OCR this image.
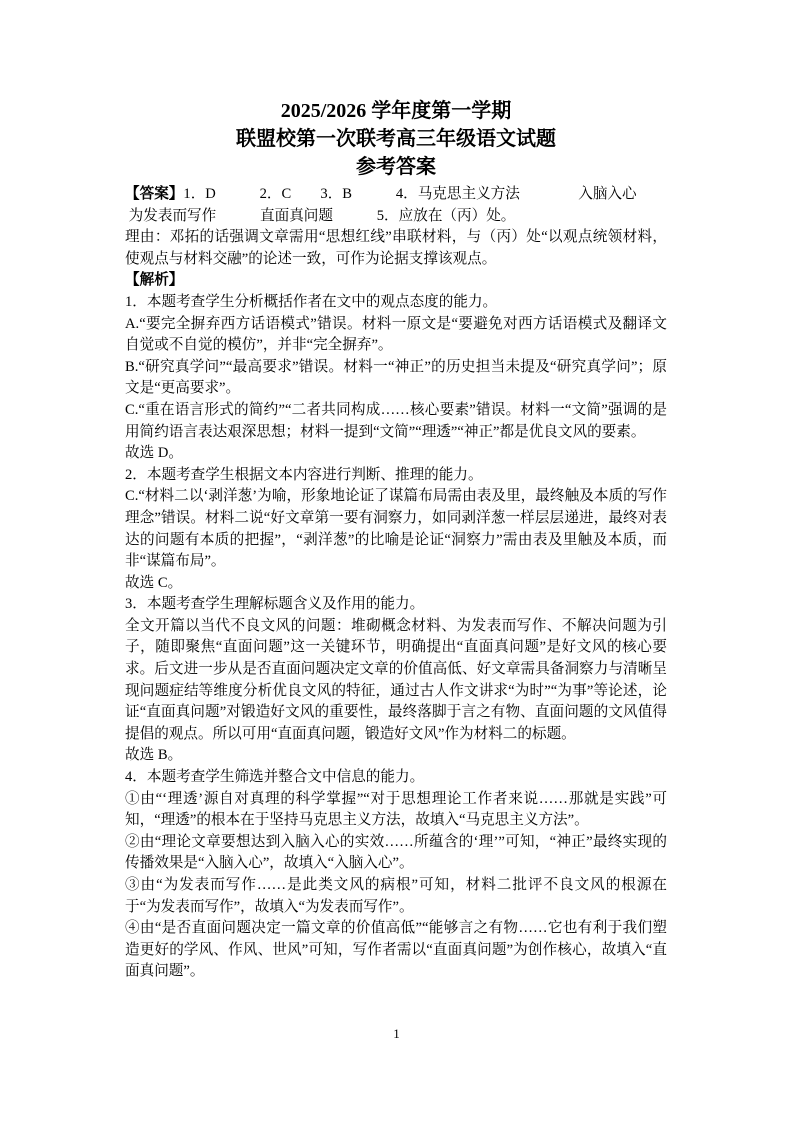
2025/2026 学年度第一学期
联盟校第一次联考高三年级语文试题
参考答案

【答案】1．D　　　2．C　　3．B　　　4．马克思主义方法　　　　入脑入心

为发表而写作　　　直面真问题　　　5．应放在（丙）处。

理由：邓拓的话强调文章需用“思想红线”串联材料，与（丙）处“以观点统领材料，使观点与材料交融”的论述一致，可作为论据支撑该观点。

【解析】

1．本题考查学生分析概括作者在文中的观点态度的能力。

A.“要完全摒弃西方话语模式”错误。材料一原文是“要避免对西方话语模式及翻译文自觉或不自觉的模仿”，并非“完全摒弃”。

B.“研究真学问”“最高要求”错误。材料一“神正”的历史担当未提及“研究真学问”；原文是“更高要求”。

C.“重在语言形式的简约”“二者共同构成……核心要素”错误。材料一“文简”强调的是用简约语言表达艰深思想；材料一提到“文简”“理透”“神正”都是优良文风的要素。

故选 D。

2．本题考查学生根据文本内容进行判断、推理的能力。

C.“材料二以‘剥洋葱’为喻，形象地论证了谋篇布局需由表及里，最终触及本质的写作理念”错误。材料二说“好文章第一要有洞察力，如同剥洋葱一样层层递进，最终对表达的问题有本质的把握”，“剥洋葱”的比喻是论证“洞察力”需由表及里触及本质，而非“谋篇布局”。

故选 C。

3．本题考查学生理解标题含义及作用的能力。

全文开篇以当代不良文风的问题：堆砌概念材料、为发表而写作、不解决问题为引子，随即聚焦“直面问题”这一关键环节，明确提出“直面真问题”是好文风的核心要求。后文进一步从是否直面问题决定文章的价值高低、好文章需具备洞察力与清晰呈现问题症结等维度分析优良文风的特征，通过古人作文讲求“为时”“为事”等论述，论证“直面真问题”对锻造好文风的重要性，最终落脚于言之有物、直面问题的文风值得提倡的观点。所以可用“直面真问题，锻造好文风”作为材料二的标题。

故选 B。

4．本题考查学生筛选并整合文中信息的能力。

①由“‘理透’源自对真理的科学掌握”“对于思想理论工作者来说……那就是实践”可知，“理透”的根本在于坚持马克思主义方法，故填入“马克思主义方法”。

②由“理论文章要想达到入脑入心的实效……所蕴含的‘理’”可知，“神正”最终实现的传播效果是“入脑入心”，故填入“入脑入心”。

③由“为发表而写作……是此类文风的病根”可知，材料二批评不良文风的根源在于“为发表而写作”，故填入“为发表而写作”。

④由“是否直面问题决定一篇文章的价值高低”“能够言之有物……它也有利于我们塑造更好的学风、作风、世风”可知，写作者需以“直面真问题”为创作核心，故填入“直面真问题”。

1
